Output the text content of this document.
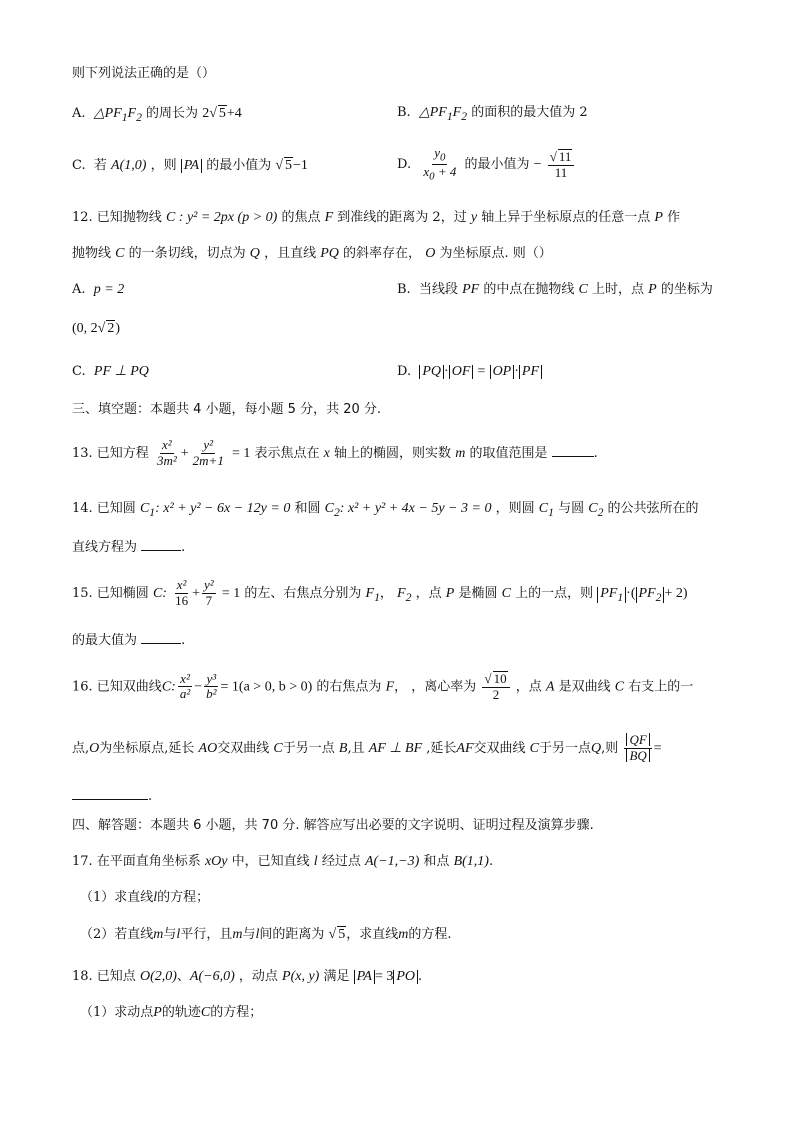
则下列说法正确的是（）
A. $\triangle PF_1F_2$ 的周长为 2√ 5+4	B. $\triangle PF_1F_2$ 的面积的最大值为 2
C. 若 A(1,0) ，则 PA 的最小值为 √ 5−1	D. $\frac{y_0}{x_0 + 4}$ 的最小值为 − $\frac{√ 11}{11}$
12. 已知抛物线 C : y² = 2px (p > 0) 的焦点 F 到准线的距离为 2，过 y 轴上异于坐标原点的任意一点 P 作
抛物线 C 的一条切线，切点为 Q ，且直线 PQ 的斜率存在， O 为坐标原点. 则（）
A. p = 2	B. 当线段 PF 的中点在抛物线 C 上时，点 P 的坐标为
(0, 2√ 2)
C. PF ⊥ PQ	D. PQ · OF = OP · PF
三、填空题：本题共 4 小题，每小题 5 分，共 20 分.
13. 已知方程 $\frac{\text{x²}}{\text{3m²}} + \frac{\text{y²}}{2m+1} = 1$ 表示焦点在 x 轴上的椭圆，则实数 m 的取值范围是	.
14. 已知圆 $C_1$: x² + y² − 6x − 12y = 0 和圆 $C_2$: x² + y² + 4x − 5y − 3 = 0 ，则圆 $C_1$ 与圆 $C_2$ 的公共弦所在的
直线方程为	.
15. 已知椭圆 C: $\frac{\text{x²}}{16} + \frac{\text{y²}}{7} = 1$ 的左、右焦点分别为 $F_1$， $F_2$ ，点 P 是椭圆 C 上的一点，则 $PF_1$ ·( $PF_2 + 2$)
的最大值为	.
16. 已知双曲线C: $\frac{\text{x²}}{\text{a²}} - \frac{\text{y³}}{\text{b²}} = 1(a > 0$, b > 0) 的右焦点为 F， ，离心率为 $\frac{√ 10}{2}$ ，点 A 是双曲线 C 右支上的一
点,O为坐标原点,延长 AO交双曲线 C于另一点 B,且 AF ⊥ BF ,延长AF交双曲线 C于另一点Q,则 $\frac{QF}{BQ}$ =
.
四、解答题：本题共 6 小题，共 70 分. 解答应写出必要的文字说明、证明过程及演算步骤.
17. 在平面直角坐标系 xOy 中，已知直线 l 经过点 A(−1,−3) 和点 B(1,1).
（1）求直线l的方程；
（2）若直线m与l平行，且m与l间的距离为 √ 5，求直线m的方程.
18. 已知点 O(2,0)、A(−6,0) ，动点 P(x, y) 满足 PA = 3 PO .
（1）求动点P的轨迹C的方程；
